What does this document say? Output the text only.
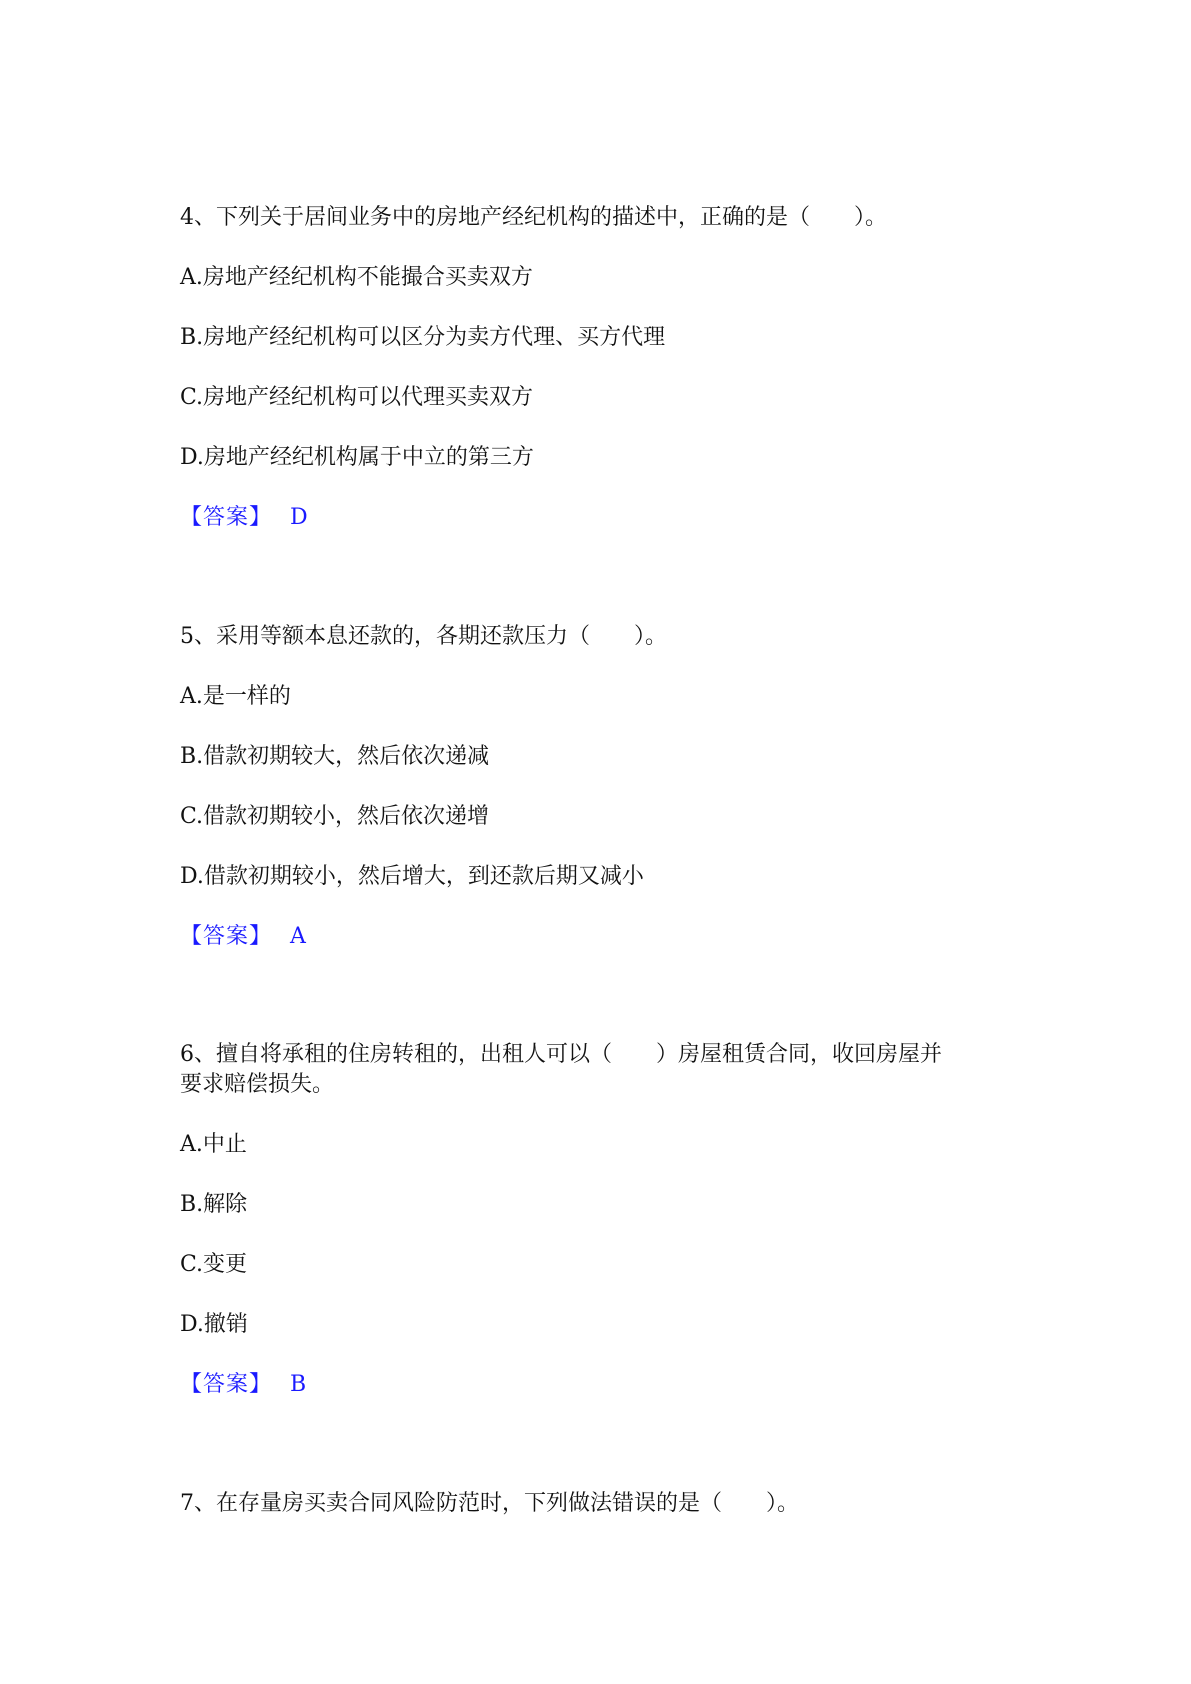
4、下列关于居间业务中的房地产经纪机构的描述中，正确的是（　　）。
A.房地产经纪机构不能撮合买卖双方
B.房地产经纪机构可以区分为卖方代理、买方代理
C.房地产经纪机构可以代理买卖双方
D.房地产经纪机构属于中立的第三方
【答案】 D
5、采用等额本息还款的，各期还款压力（　　）。
A.是一样的
B.借款初期较大，然后依次递减
C.借款初期较小，然后依次递增
D.借款初期较小，然后增大，到还款后期又减小
【答案】 A
6、擅自将承租的住房转租的，出租人可以（　　）房屋租赁合同，收回房屋并
要求赔偿损失。
A.中止
B.解除
C.变更
D.撤销
【答案】 B
7、在存量房买卖合同风险防范时，下列做法错误的是（　　）。
